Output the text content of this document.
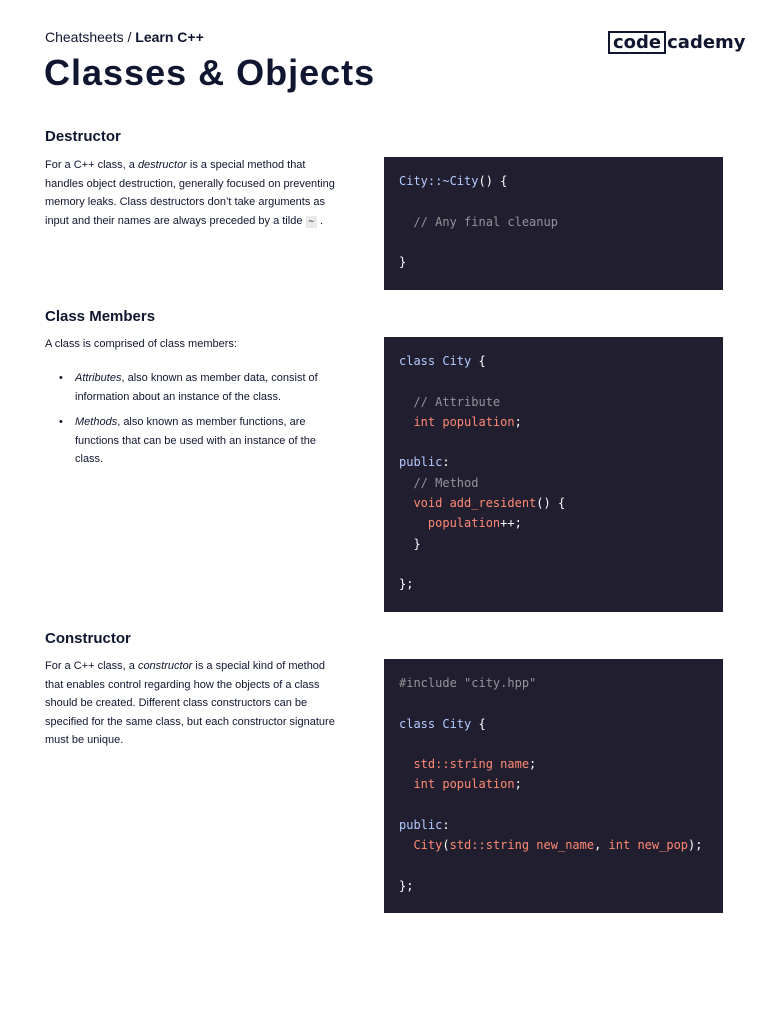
Cheatsheets / Learn C++
Classes & Objects
code cademy
Destructor

For a C++ class, a destructor is a special method that handles object destruction, generally focused on preventing memory leaks. Class destructors don’t take arguments as input and their names are always preceded by a tilde ~ .

City::~City() {
// Any final cleanup
}
Class Members

A class is comprised of class members:

• Attributes, also known as member data, consist of information about an instance of the class.
• Methods, also known as member functions, are functions that can be used with an instance of the class.
class City {
// Attribute
int population;
public:
// Method
void add_resident() {
population++;
}
};
Constructor

For a C++ class, a constructor is a special kind of method that enables control regarding how the objects of a class should be created. Different class constructors can be specified for the same class, but each constructor signature must be unique.

#include "city.hpp"
class City {
std::string name;
int population;
public:
City(std::string new_name, int new_pop);
};
